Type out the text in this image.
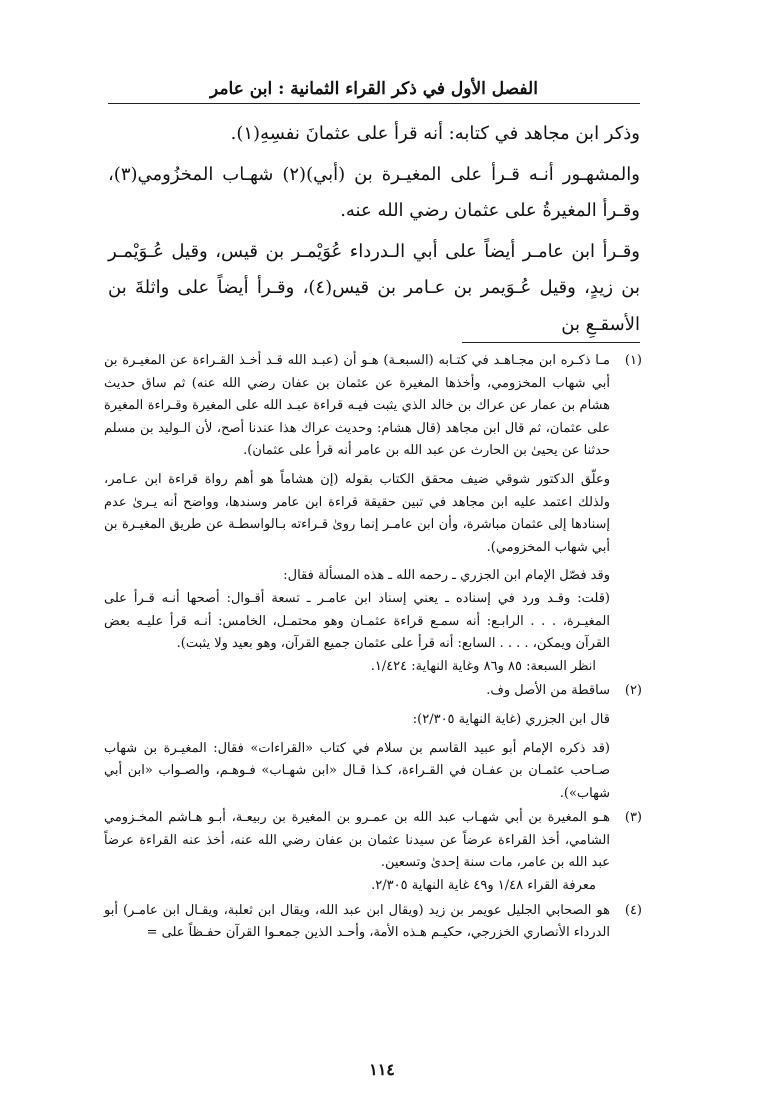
الفصل الأول في ذكر القراء الثمانية : ابن عامر

وذكر ابن مجاهد في كتابه: أنه قرأ على عثمانَ نفسِهِ(١).

والمشهـور أنـه قـرأ على المغيـرة بن (أبي)(٢) شهـاب المخزُومي(٣)، وقـرأ المغيرةُ على عثمان رضي الله عنه.

وقـرأ ابن عامـر أيضاً على أبي الـدرداء عُوَيْمـر بن قيس، وقيل عُـوَيْمـر بن زيدٍ، وقيل عُـوَيمر بن عـامر بن قيس(٤)، وقـرأ أيضاً على واثلةَ بن الأسقـعِ بن

(١)

مـا ذكـره ابن مجـاهـد في كتـابه (السبعـة) هـو أن (عبـد الله قـد أخـذ القـراءة عن المغيـرة بن أبي شهاب المخزومي، وأخذها المغيرة عن عثمان بن عفان رضي الله عنه) ثم ساق حديث هشام بن عمار عن عراك بن خالد الذي يثبت فيـه قراءة عبـد الله على المغيرة وقـراءة المغيرة على عثمان، ثم قال ابن مجاهد (قال هشام: وحديث عراك هذا عندنا أصح، لأن الـوليد بن مسلم حدثنا عن يحيىٰ بن الحارث عن عبد الله بن عامر أنه قرأ على عثمان).

وعلّق الدكتور شوقي ضيف محقق الكتاب بقوله (إن هشاماً هو أهم رواة قراءة ابن عـامر، ولذلك اعتمد عليه ابن مجاهد في تبين حقيقة قراءة ابن عامر وسندها، وواضح أنه يـرىٰ عدم إسنادها إلى عثمان مباشرة، وأن ابن عامـر إنما روىٰ قـراءته بـالواسطـة عن طريق المغيـرة بن أبي شهاب المخزومي).

وقد فصّل الإمام ابن الجزري ـ رحمه الله ـ هذه المسألة فقال:

(قلت: وقـد ورد في إسناده ـ يعني إسناد ابن عامـر ـ تسعة أقـوال: أصحها أنـه قـرأ على المغيـرة، . . . الرابـع: أنه سمـع قراءة عثمـان وهو محتمـل، الخامس: أنـه قرأ عليـه بعض القرآن ويمكن، . . . . السابع: أنه قرأ على عثمان جميع القرآن، وهو بعيد ولا يثبت).

انظر السبعة: ٨٥ و٨٦ وغاية النهاية: ١/٤٢٤.

(٢)

ساقطة من الأصل وف.

قال ابن الجزري (غاية النهاية ٢/٣٠٥):

(قد ذكره الإمام أبو عبيد القاسم بن سلام في كتاب «القراءات» فقال: المغيـرة بن شهاب صـاحب عثمـان بن عفـان في القـراءة، كـذا قـال «ابن شهـاب» فـوهـم، والصـواب «ابن أبي شهاب»).

(٣)

هـو المغيرة بن أبي شهـاب عبد الله بن عمـرو بن المغيرة بن ربيعـة، أبـو هـاشم المخـزومي الشامي، أخذ القراءة عرضاً عن سيدنا عثمان بن عفان رضي الله عنه، أخذ عنه القراءة عرضاً عبد الله بن عامر، مات سنة إحدىٰ وتسعين.

معرفة القراء ١/٤٨ و٤٩ غاية النهاية ٢/٣٠٥.

(٤)

هو الصحابي الجليل عويمر بن زيد (ويقال ابن عبد الله، ويقال ابن ثعلبة، ويقـال ابن عامـر) أبو الدرداء الأنصاري الخزرجي، حكيـم هـذه الأمة، وأحـد الذين جمعـوا القرآن حفـظاً على =

١١٤
